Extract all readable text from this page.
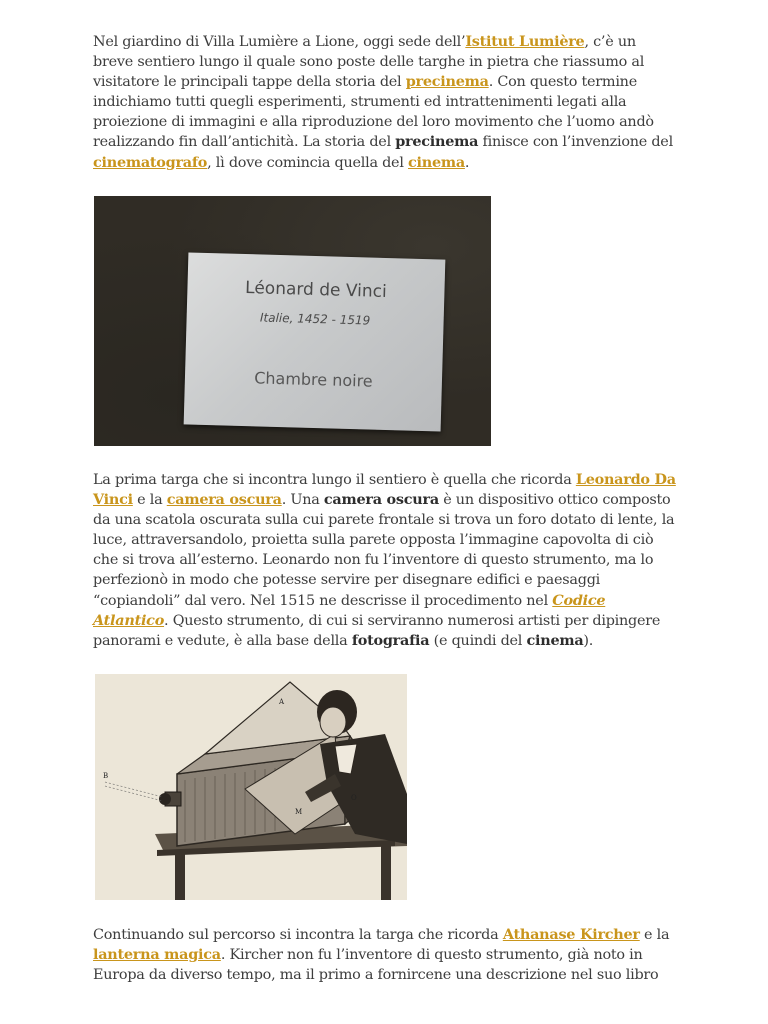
Nel giardino di Villa Lumière a Lione, oggi sede dell’Istitut Lumière, c’è un breve sentiero lungo il quale sono poste delle targhe in pietra che riassumo al visitatore le principali tappe della storia del precinema. Con questo termine indichiamo tutti quegli esperimenti, strumenti ed intrattenimenti legati alla proiezione di immagini e alla riproduzione del loro movimento che l’uomo andò realizzando fin dall’antichità. La storia del precinema finisce con l’invenzione del cinematografo, lì dove comincia quella del cinema.

Léonard de Vinci
Italie, 1452 - 1519
Chambre noire

La prima targa che si incontra lungo il sentiero è quella che ricorda Leonardo Da Vinci e la camera oscura. Una camera oscura è un dispositivo ottico composto da una scatola oscurata sulla cui parete frontale si trova un foro dotato di lente, la luce, attraversandolo, proietta sulla parete opposta l’immagine capovolta di ciò che si trova all’esterno. Leonardo non fu l’inventore di questo strumento, ma lo perfezionò in modo che potesse servire per disegnare edifici e paesaggi “copiandoli” dal vero. Nel 1515 ne descrisse il procedimento nel Codice Atlantico. Questo strumento, di cui si serviranno numerosi artisti per dipingere panorami e vedute, è alla base della fotografia (e quindi del cinema).

B
A
M
O

Continuando sul percorso si incontra la targa che ricorda Athanase Kircher e la lanterna magica. Kircher non fu l’inventore di questo strumento, già noto in Europa da diverso tempo, ma il primo a fornircene una descrizione nel suo libro
